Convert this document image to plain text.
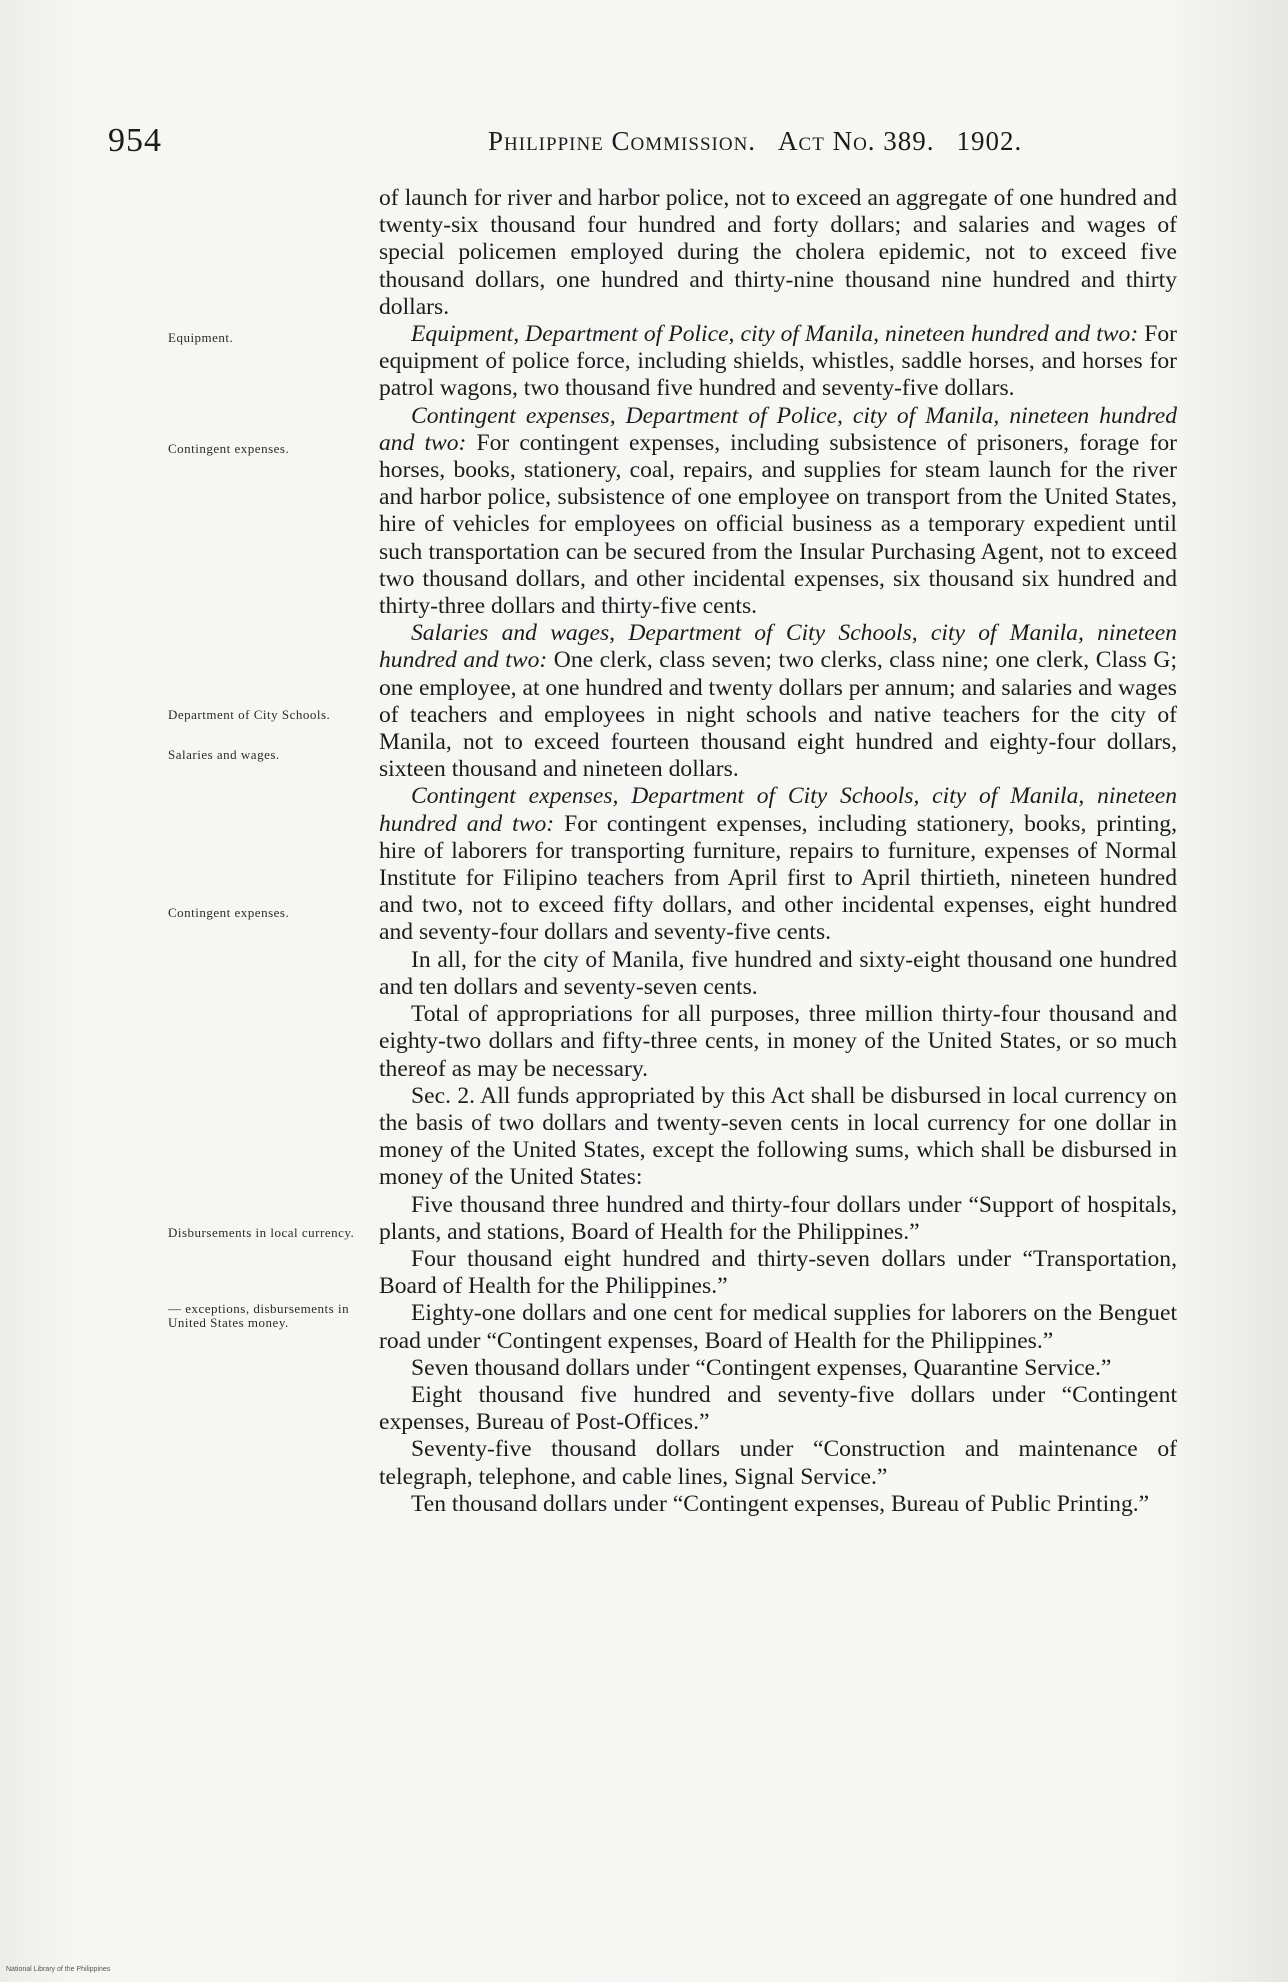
954	Philippine Commission. Act No. 389. 1902.
Equipment.
Contingent expenses.
Department of City Schools.
Salaries and wages.
Contingent expenses.
Disbursements in local currency.
— exceptions, disbursements in United States money.

of launch for river and harbor police, not to exceed an aggregate of one hundred and twenty-six thousand four hundred and forty dollars; and salaries and wages of special policemen employed during the cholera epidemic, not to exceed five thousand dollars, one hundred and thirty-nine thousand nine hundred and thirty dollars.

Equipment, Department of Police, city of Manila, nineteen hundred and two: For equipment of police force, including shields, whistles, saddle horses, and horses for patrol wagons, two thousand five hundred and seventy-five dollars.

Contingent expenses, Department of Police, city of Manila, nineteen hundred and two: For contingent expenses, including subsistence of prisoners, forage for horses, books, stationery, coal, repairs, and supplies for steam launch for the river and harbor police, subsistence of one employee on transport from the United States, hire of vehicles for employees on official business as a temporary expedient until such transportation can be secured from the Insular Purchasing Agent, not to exceed two thousand dollars, and other incidental expenses, six thousand six hundred and thirty-three dollars and thirty-five cents.

Salaries and wages, Department of City Schools, city of Manila, nineteen hundred and two: One clerk, class seven; two clerks, class nine; one clerk, Class G; one employee, at one hundred and twenty dollars per annum; and salaries and wages of teachers and employees in night schools and native teachers for the city of Manila, not to exceed fourteen thousand eight hundred and eighty-four dollars, sixteen thousand and nineteen dollars.

Contingent expenses, Department of City Schools, city of Manila, nineteen hundred and two: For contingent expenses, including stationery, books, printing, hire of laborers for transporting furniture, repairs to furniture, expenses of Normal Institute for Filipino teachers from April first to April thirtieth, nineteen hundred and two, not to exceed fifty dollars, and other incidental expenses, eight hundred and seventy-four dollars and seventy-five cents.

In all, for the city of Manila, five hundred and sixty-eight thousand one hundred and ten dollars and seventy-seven cents.

Total of appropriations for all purposes, three million thirty-four thousand and eighty-two dollars and fifty-three cents, in money of the United States, or so much thereof as may be necessary.

Sec. 2. All funds appropriated by this Act shall be disbursed in local currency on the basis of two dollars and twenty-seven cents in local currency for one dollar in money of the United States, except the following sums, which shall be disbursed in money of the United States:

Five thousand three hundred and thirty-four dollars under “Support of hospitals, plants, and stations, Board of Health for the Philippines.”

Four thousand eight hundred and thirty-seven dollars under “Transportation, Board of Health for the Philippines.”

Eighty-one dollars and one cent for medical supplies for laborers on the Benguet road under “Contingent expenses, Board of Health for the Philippines.”

Seven thousand dollars under “Contingent expenses, Quarantine Service.”

Eight thousand five hundred and seventy-five dollars under “Contingent expenses, Bureau of Post-Offices.”

Seventy-five thousand dollars under “Construction and maintenance of telegraph, telephone, and cable lines, Signal Service.”

Ten thousand dollars under “Contingent expenses, Bureau of Public Printing.”

National Library of the Philippines
